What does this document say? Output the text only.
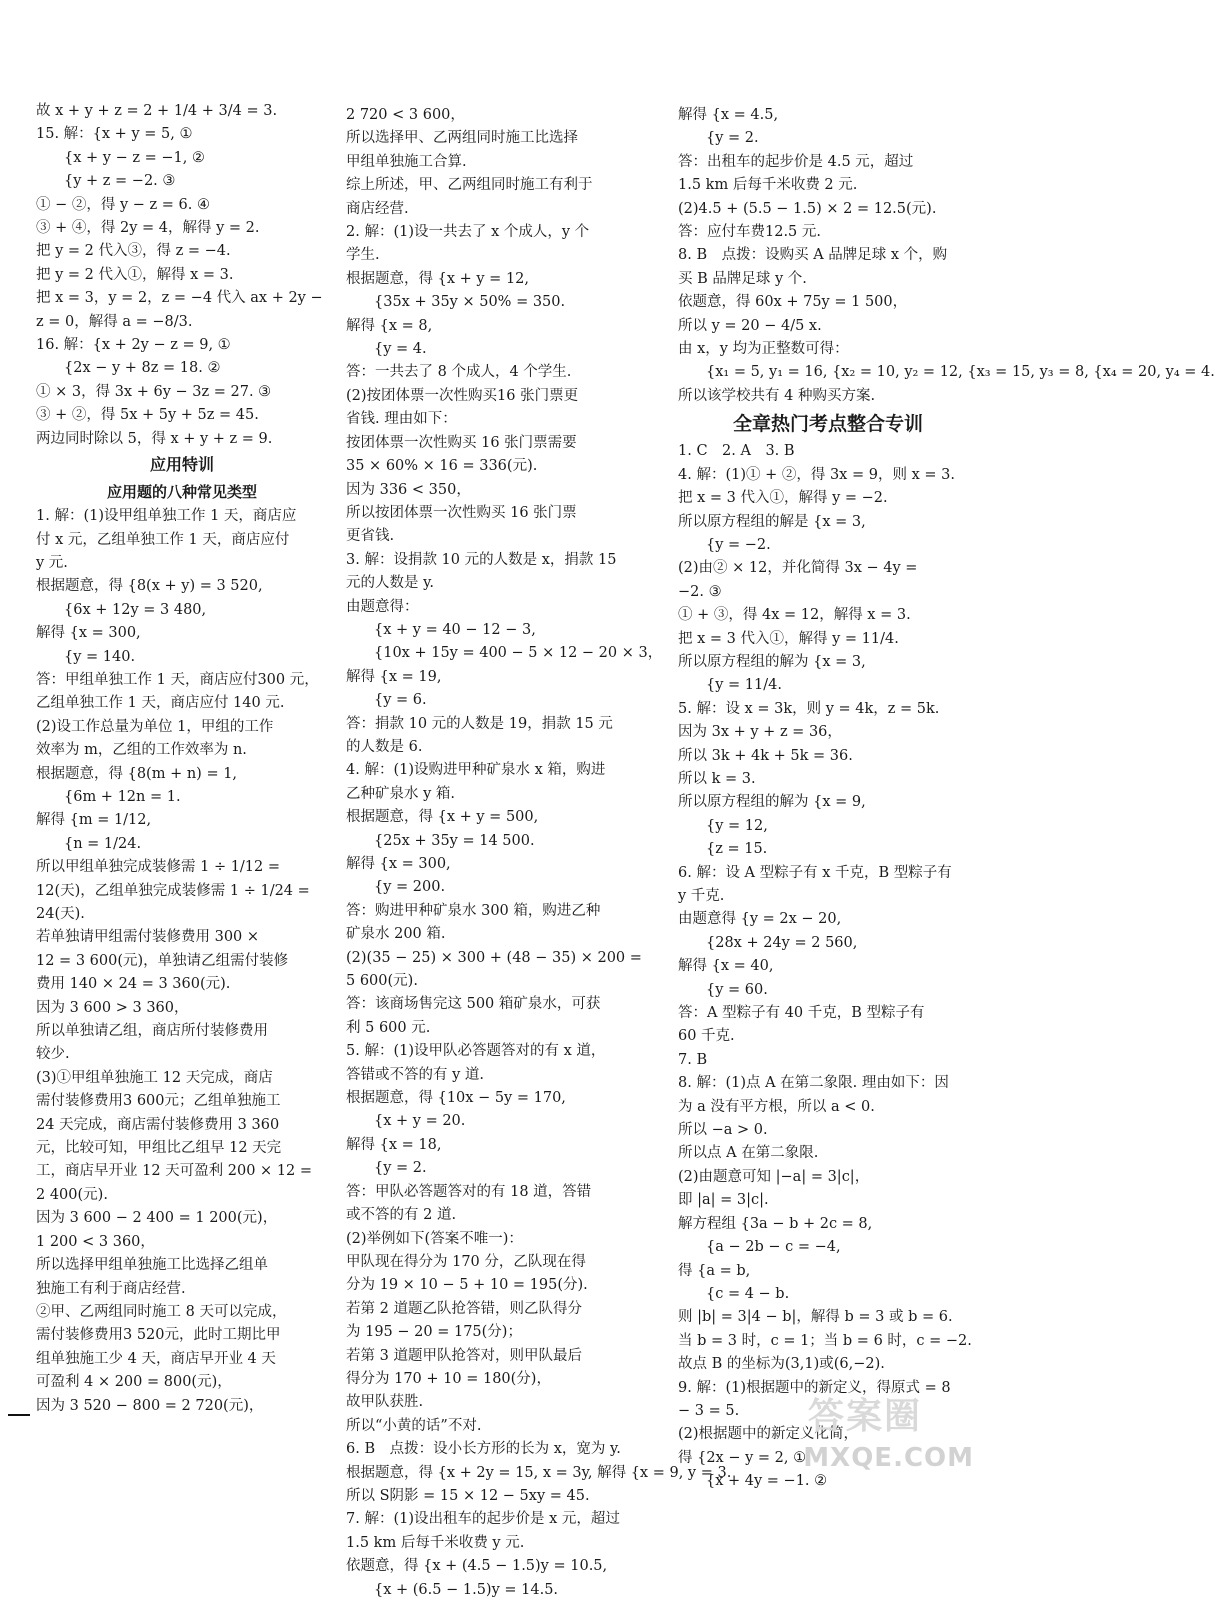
故 x + y + z = 2 + 1/4 + 3/4 = 3.
15. 解：{x + y = 5, ①
{x + y − z = −1, ②
{y + z = −2. ③
① − ②，得 y − z = 6. ④
③ + ④，得 2y = 4，解得 y = 2.
把 y = 2 代入③，得 z = −4.
把 y = 2 代入①，解得 x = 3.
把 x = 3，y = 2，z = −4 代入 ax + 2y −
z = 0，解得 a = −8/3.
16. 解：{x + 2y − z = 9, ①
{2x − y + 8z = 18. ②
① × 3，得 3x + 6y − 3z = 27. ③
③ + ②，得 5x + 5y + 5z = 45.
两边同时除以 5，得 x + y + z = 9.
应用特训
应用题的八种常见类型
1. 解：(1)设甲组单独工作 1 天，商店应
付 x 元，乙组单独工作 1 天，商店应付
y 元.
根据题意，得 {8(x + y) = 3 520,
{6x + 12y = 3 480,
解得 {x = 300,
{y = 140.
答：甲组单独工作 1 天，商店应付300 元，
乙组单独工作 1 天，商店应付 140 元.
(2)设工作总量为单位 1，甲组的工作
效率为 m，乙组的工作效率为 n.
根据题意，得 {8(m + n) = 1,
{6m + 12n = 1.
解得 {m = 1/12,
{n = 1/24.
所以甲组单独完成装修需 1 ÷ 1/12 =
12(天)，乙组单独完成装修需 1 ÷ 1/24 =
24(天).
若单独请甲组需付装修费用 300 ×
12 = 3 600(元)，单独请乙组需付装修
费用 140 × 24 = 3 360(元).
因为 3 600 > 3 360，
所以单独请乙组，商店所付装修费用
较少.
(3)①甲组单独施工 12 天完成，商店
需付装修费用3 600元；乙组单独施工
24 天完成，商店需付装修费用 3 360
元，比较可知，甲组比乙组早 12 天完
工，商店早开业 12 天可盈利 200 × 12 =
2 400(元).
因为 3 600 − 2 400 = 1 200(元)，
1 200 < 3 360，
所以选择甲组单独施工比选择乙组单
独施工有利于商店经营.
②甲、乙两组同时施工 8 天可以完成，
需付装修费用3 520元，此时工期比甲
组单独施工少 4 天，商店早开业 4 天
可盈利 4 × 200 = 800(元)，
因为 3 520 − 800 = 2 720(元)，
2 720 < 3 600，
所以选择甲、乙两组同时施工比选择
甲组单独施工合算.
综上所述，甲、乙两组同时施工有利于
商店经营.
2. 解：(1)设一共去了 x 个成人，y 个
学生.
根据题意，得 {x + y = 12,
{35x + 35y × 50% = 350.
解得 {x = 8,
{y = 4.
答：一共去了 8 个成人，4 个学生.
(2)按团体票一次性购买16 张门票更
省钱. 理由如下：
按团体票一次性购买 16 张门票需要
35 × 60% × 16 = 336(元).
因为 336 < 350，
所以按团体票一次性购买 16 张门票
更省钱.
3. 解：设捐款 10 元的人数是 x，捐款 15
元的人数是 y.
由题意得：
{x + y = 40 − 12 − 3,
{10x + 15y = 400 − 5 × 12 − 20 × 3，
解得 {x = 19,
{y = 6.
答：捐款 10 元的人数是 19，捐款 15 元
的人数是 6.
4. 解：(1)设购进甲种矿泉水 x 箱，购进
乙种矿泉水 y 箱.
根据题意，得 {x + y = 500,
{25x + 35y = 14 500.
解得 {x = 300,
{y = 200.
答：购进甲种矿泉水 300 箱，购进乙种
矿泉水 200 箱.
(2)(35 − 25) × 300 + (48 − 35) × 200 =
5 600(元).
答：该商场售完这 500 箱矿泉水，可获
利 5 600 元.
5. 解：(1)设甲队必答题答对的有 x 道，
答错或不答的有 y 道.
根据题意，得 {10x − 5y = 170,
{x + y = 20.
解得 {x = 18,
{y = 2.
答：甲队必答题答对的有 18 道，答错
或不答的有 2 道.
(2)举例如下(答案不唯一)：
甲队现在得分为 170 分，乙队现在得
分为 19 × 10 − 5 + 10 = 195(分).
若第 2 道题乙队抢答错，则乙队得分
为 195 − 20 = 175(分)；
若第 3 道题甲队抢答对，则甲队最后
得分为 170 + 10 = 180(分)，
故甲队获胜.
所以“小黄的话”不对.
6. B　点拨：设小长方形的长为 x，宽为 y.
根据题意，得 {x + 2y = 15, x = 3y, 解得 {x = 9, y = 3.
所以 S阴影 = 15 × 12 − 5xy = 45.
7. 解：(1)设出租车的起步价是 x 元，超过
1.5 km 后每千米收费 y 元.
依题意，得 {x + (4.5 − 1.5)y = 10.5,
{x + (6.5 − 1.5)y = 14.5.
解得 {x = 4.5,
{y = 2.
答：出租车的起步价是 4.5 元，超过
1.5 km 后每千米收费 2 元.
(2)4.5 + (5.5 − 1.5) × 2 = 12.5(元).
答：应付车费12.5 元.
8. B　点拨：设购买 A 品牌足球 x 个，购
买 B 品牌足球 y 个.
依题意，得 60x + 75y = 1 500，
所以 y = 20 − 4/5 x.
由 x，y 均为正整数可得：
{x₁ = 5, y₁ = 16, {x₂ = 10, y₂ = 12, {x₃ = 15, y₃ = 8, {x₄ = 20, y₄ = 4.
所以该学校共有 4 种购买方案.
全章热门考点整合专训
1. C　2. A　3. B
4. 解：(1)① + ②，得 3x = 9，则 x = 3.
把 x = 3 代入①，解得 y = −2.
所以原方程组的解是 {x = 3,
{y = −2.
(2)由② × 12，并化简得 3x − 4y =
−2. ③
① + ③，得 4x = 12，解得 x = 3.
把 x = 3 代入①，解得 y = 11/4.
所以原方程组的解为 {x = 3,
{y = 11/4.
5. 解：设 x = 3k，则 y = 4k，z = 5k.
因为 3x + y + z = 36，
所以 3k + 4k + 5k = 36.
所以 k = 3.
所以原方程组的解为 {x = 9,
{y = 12,
{z = 15.
6. 解：设 A 型粽子有 x 千克，B 型粽子有
y 千克.
由题意得 {y = 2x − 20,
{28x + 24y = 2 560,
解得 {x = 40,
{y = 60.
答：A 型粽子有 40 千克，B 型粽子有
60 千克.
7. B
8. 解：(1)点 A 在第二象限. 理由如下：因
为 a 没有平方根，所以 a < 0.
所以 −a > 0.
所以点 A 在第二象限.
(2)由题意可知 |−a| = 3|c|，
即 |a| = 3|c|.
解方程组 {3a − b + 2c = 8,
{a − 2b − c = −4,
得 {a = b,
{c = 4 − b.
则 |b| = 3|4 − b|，解得 b = 3 或 b = 6.
当 b = 3 时，c = 1；当 b = 6 时，c = −2.
故点 B 的坐标为(3,1)或(6,−2).
9. 解：(1)根据题中的新定义，得原式 = 8
− 3 = 5.
(2)根据题中的新定义化简，
得 {2x − y = 2, ①
{x + 4y = −1. ②
答案圈
MXQE.COM
